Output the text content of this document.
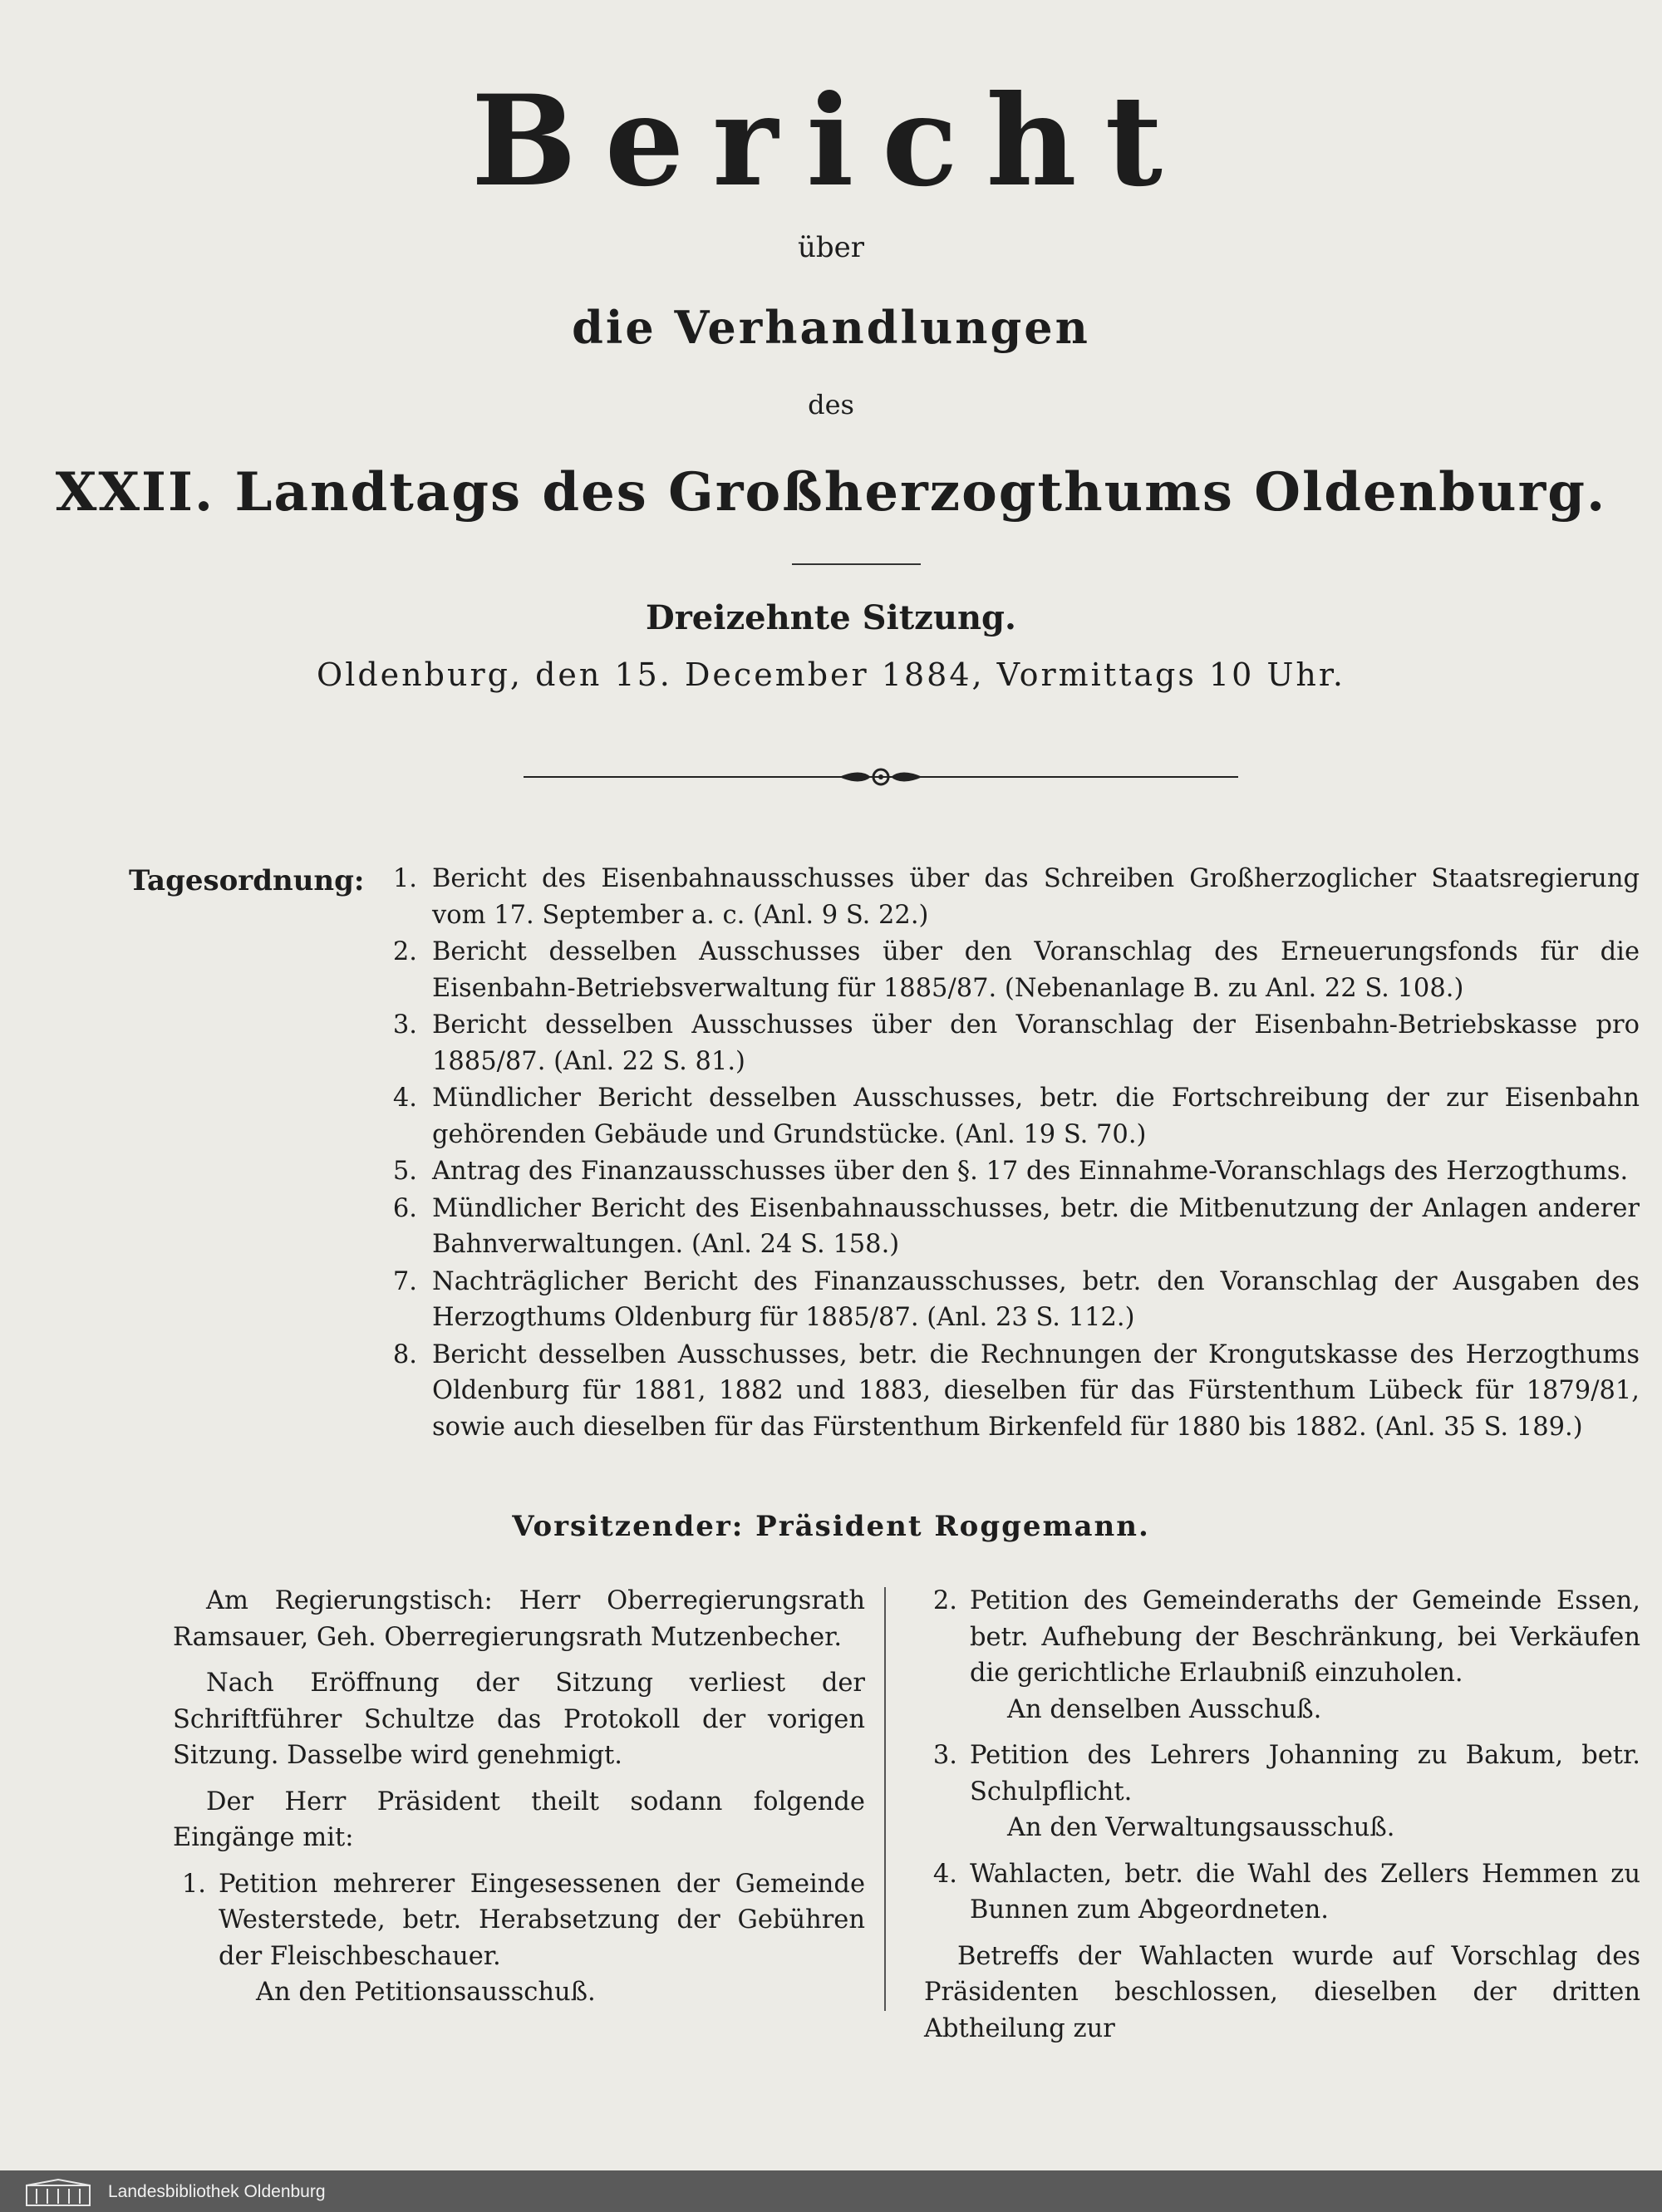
Bericht
über
die Verhandlungen
des
XXII. Landtags des Großherzogthums Oldenburg.
Dreizehnte Sitzung.
Oldenburg, den 15. December 1884, Vormittags 10 Uhr.
Tagesordnung:	1. Bericht des Eisenbahnausschusses über das Schreiben Großherzoglicher Staatsregierung vom 17. September a. c. (Anl. 9 S. 22.)
2. Bericht desselben Ausschusses über den Voranschlag des Erneuerungsfonds für die Eisenbahn-Betriebsverwaltung für 1885/87. (Nebenanlage B. zu Anl. 22 S. 108.)
3. Bericht desselben Ausschusses über den Voranschlag der Eisenbahn-Betriebskasse pro 1885/87. (Anl. 22 S. 81.)
4. Mündlicher Bericht desselben Ausschusses, betr. die Fortschreibung der zur Eisenbahn gehörenden Gebäude und Grundstücke. (Anl. 19 S. 70.)
5. Antrag des Finanzausschusses über den §. 17 des Einnahme-Voranschlags des Herzogthums.
6. Mündlicher Bericht des Eisenbahnausschusses, betr. die Mitbenutzung der Anlagen anderer Bahnverwaltungen. (Anl. 24 S. 158.)
7. Nachträglicher Bericht des Finanzausschusses, betr. den Voranschlag der Ausgaben des Herzogthums Oldenburg für 1885/87. (Anl. 23 S. 112.)
8. Bericht desselben Ausschusses, betr. die Rechnungen der Krongutskasse des Herzogthums Oldenburg für 1881, 1882 und 1883, dieselben für das Fürstenthum Lübeck für 1879/81, sowie auch dieselben für das Fürstenthum Birkenfeld für 1880 bis 1882. (Anl. 35 S. 189.)
Vorsitzender: Präsident Roggemann.

Am Regierungstisch: Herr Oberregierungsrath Ramsauer, Geh. Oberregierungsrath Mutzenbecher.

Nach Eröffnung der Sitzung verliest der Schriftführer Schultze das Protokoll der vorigen Sitzung. Dasselbe wird genehmigt.

Der Herr Präsident theilt sodann folgende Eingänge mit:

1. Petition mehrerer Eingesessenen der Gemeinde Westerstede, betr. Herabsetzung der Gebühren der Fleischbeschauer.
An den Petitionsausschuß.
2. Petition des Gemeinderaths der Gemeinde Essen, betr. Aufhebung der Beschränkung, bei Verkäufen die gerichtliche Erlaubniß einzuholen.
An denselben Ausschuß.
3. Petition des Lehrers Johanning zu Bakum, betr. Schulpflicht.
An den Verwaltungsausschuß.
4. Wahlacten, betr. die Wahl des Zellers Hemmen zu Bunnen zum Abgeordneten.

Betreffs der Wahlacten wurde auf Vorschlag des Präsidenten beschlossen, dieselben der dritten Abtheilung zur

Landesbibliothek Oldenburg
